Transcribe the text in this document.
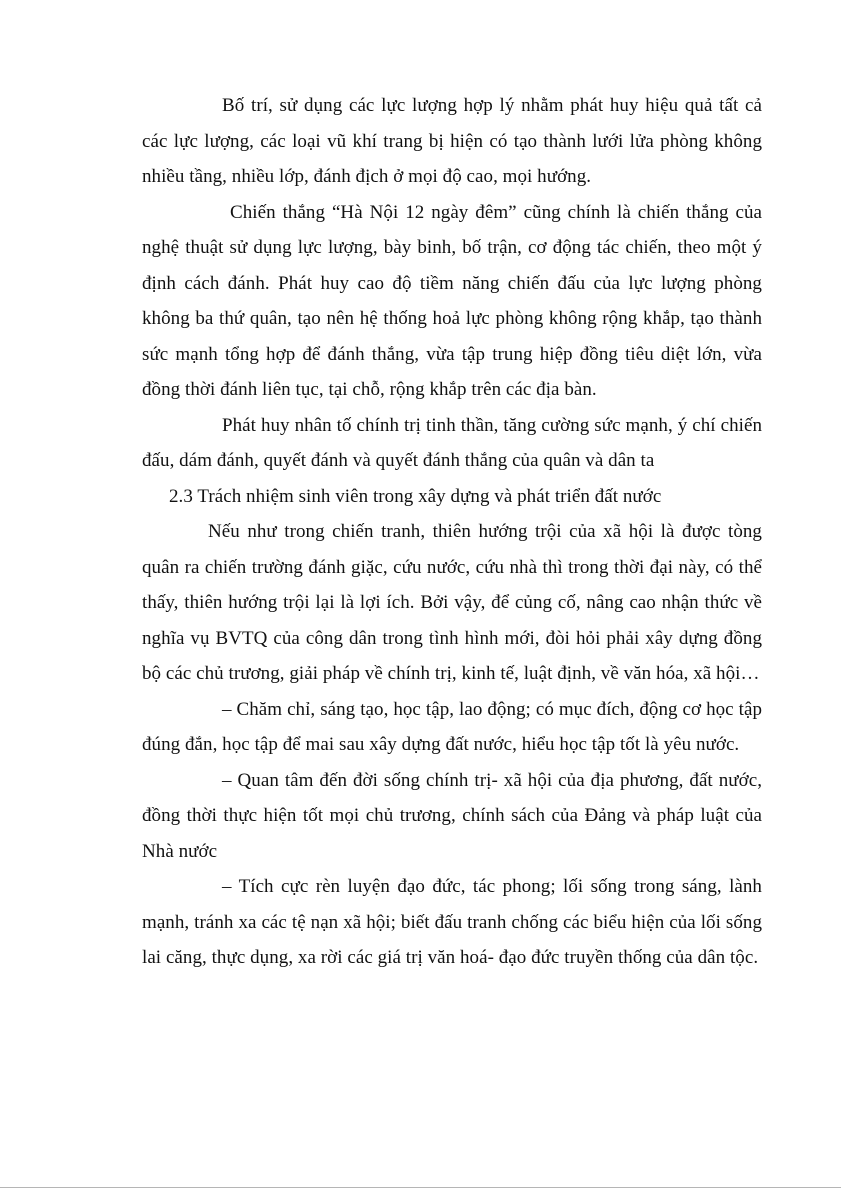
Bố trí, sử dụng các lực lượng hợp lý nhằm phát huy hiệu quả tất cả các lực lượng, các loại vũ khí trang bị hiện có tạo thành lưới lửa phòng không nhiều tầng, nhiều lớp, đánh địch ở mọi độ cao, mọi hướng.

Chiến thắng “Hà Nội 12 ngày đêm” cũng chính là chiến thắng của nghệ thuật sử dụng lực lượng, bày binh, bố trận, cơ động tác chiến, theo một ý định cách đánh. Phát huy cao độ tiềm năng chiến đấu của lực lượng phòng không ba thứ quân, tạo nên hệ thống hoả lực phòng không rộng khắp, tạo thành sức mạnh tổng hợp để đánh thắng, vừa tập trung hiệp đồng tiêu diệt lớn, vừa đồng thời đánh liên tục, tại chỗ, rộng khắp trên các địa bàn.

Phát huy nhân tố chính trị tinh thần, tăng cường sức mạnh, ý chí chiến đấu, dám đánh, quyết đánh và quyết đánh thắng của quân và dân ta

2.3 Trách nhiệm sinh viên trong xây dựng và phát triển đất nước

Nếu như trong chiến tranh, thiên hướng trội của xã hội là được tòng quân ra chiến trường đánh giặc, cứu nước, cứu nhà thì trong thời đại này, có thể thấy, thiên hướng trội lại là lợi ích. Bởi vậy, để củng cố, nâng cao nhận thức về nghĩa vụ BVTQ của công dân trong tình hình mới, đòi hỏi phải xây dựng đồng bộ các chủ trương, giải pháp về chính trị, kinh tế, luật định, về văn hóa, xã hội…

– Chăm chỉ, sáng tạo, học tập, lao động; có mục đích, động cơ học tập đúng đắn, học tập để mai sau xây dựng đất nước, hiểu học tập tốt là yêu nước.

– Quan tâm đến đời sống chính trị- xã hội của địa phương, đất nước, đồng thời thực hiện tốt mọi chủ trương, chính sách của Đảng và pháp luật của Nhà nước

– Tích cực rèn luyện đạo đức, tác phong; lối sống trong sáng, lành mạnh, tránh xa các tệ nạn xã hội; biết đấu tranh chống các biểu hiện của lối sống lai căng, thực dụng, xa rời các giá trị văn hoá- đạo đức truyền thống của dân tộc.
